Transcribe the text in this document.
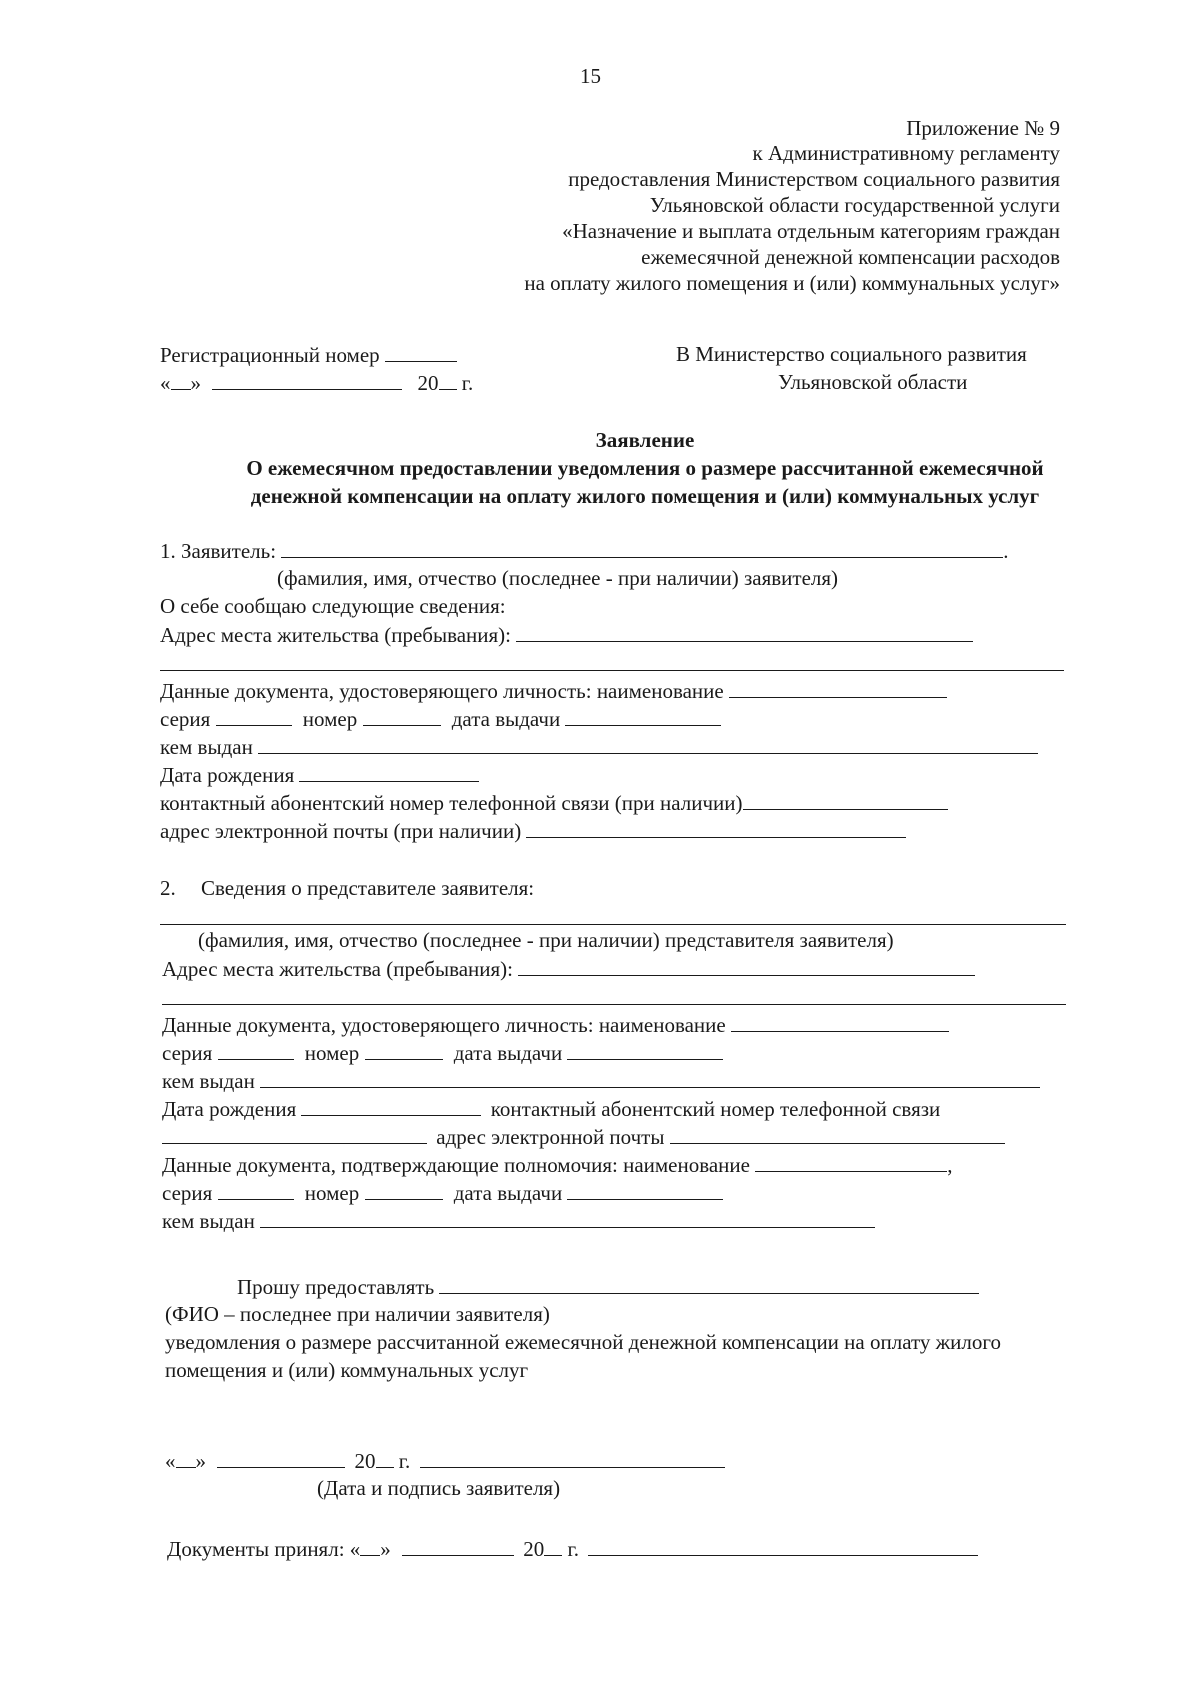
15
Приложение № 9
к Административному регламенту
предоставления Министерством социального развития
Ульяновской области государственной услуги
«Назначение и выплата отдельным категориям граждан
ежемесячной денежной компенсации расходов
на оплату жилого помещения и (или) коммунальных услуг»
Регистрационный номер
« »	20 г.
В Министерство социального развития
Ульяновской области
Заявление
О ежемесячном предоставлении уведомления о размере рассчитанной ежемесячной
денежной компенсации на оплату жилого помещения и (или) коммунальных услуг
1. Заявитель:	.
(фамилия, имя, отчество (последнее - при наличии) заявителя)
О себе сообщаю следующие сведения:
Адрес места жительства (пребывания):
Данные документа, удостоверяющего личность: наименование
серия	номер	дата выдачи
кем выдан
Дата рождения
контактный абонентский номер телефонной связи (при наличии)
адрес электронной почты (при наличии)
2. Сведения о представителе заявителя:
(фамилия, имя, отчество (последнее - при наличии) представителя заявителя)
Адрес места жительства (пребывания):
Данные документа, удостоверяющего личность: наименование
серия	номер	дата выдачи
кем выдан
Дата рождения	контактный абонентский номер телефонной связи
адрес электронной почты
Данные документа, подтверждающие полномочия: наименование	,
серия	номер	дата выдачи
кем выдан
Прошу предоставлять
(ФИО – последнее при наличии заявителя)
уведомления о размере рассчитанной ежемесячной денежной компенсации на оплату жилого
помещения и (или) коммунальных услуг
« »	20 г.
(Дата и подпись заявителя)
Документы принял: « »	20 г.
